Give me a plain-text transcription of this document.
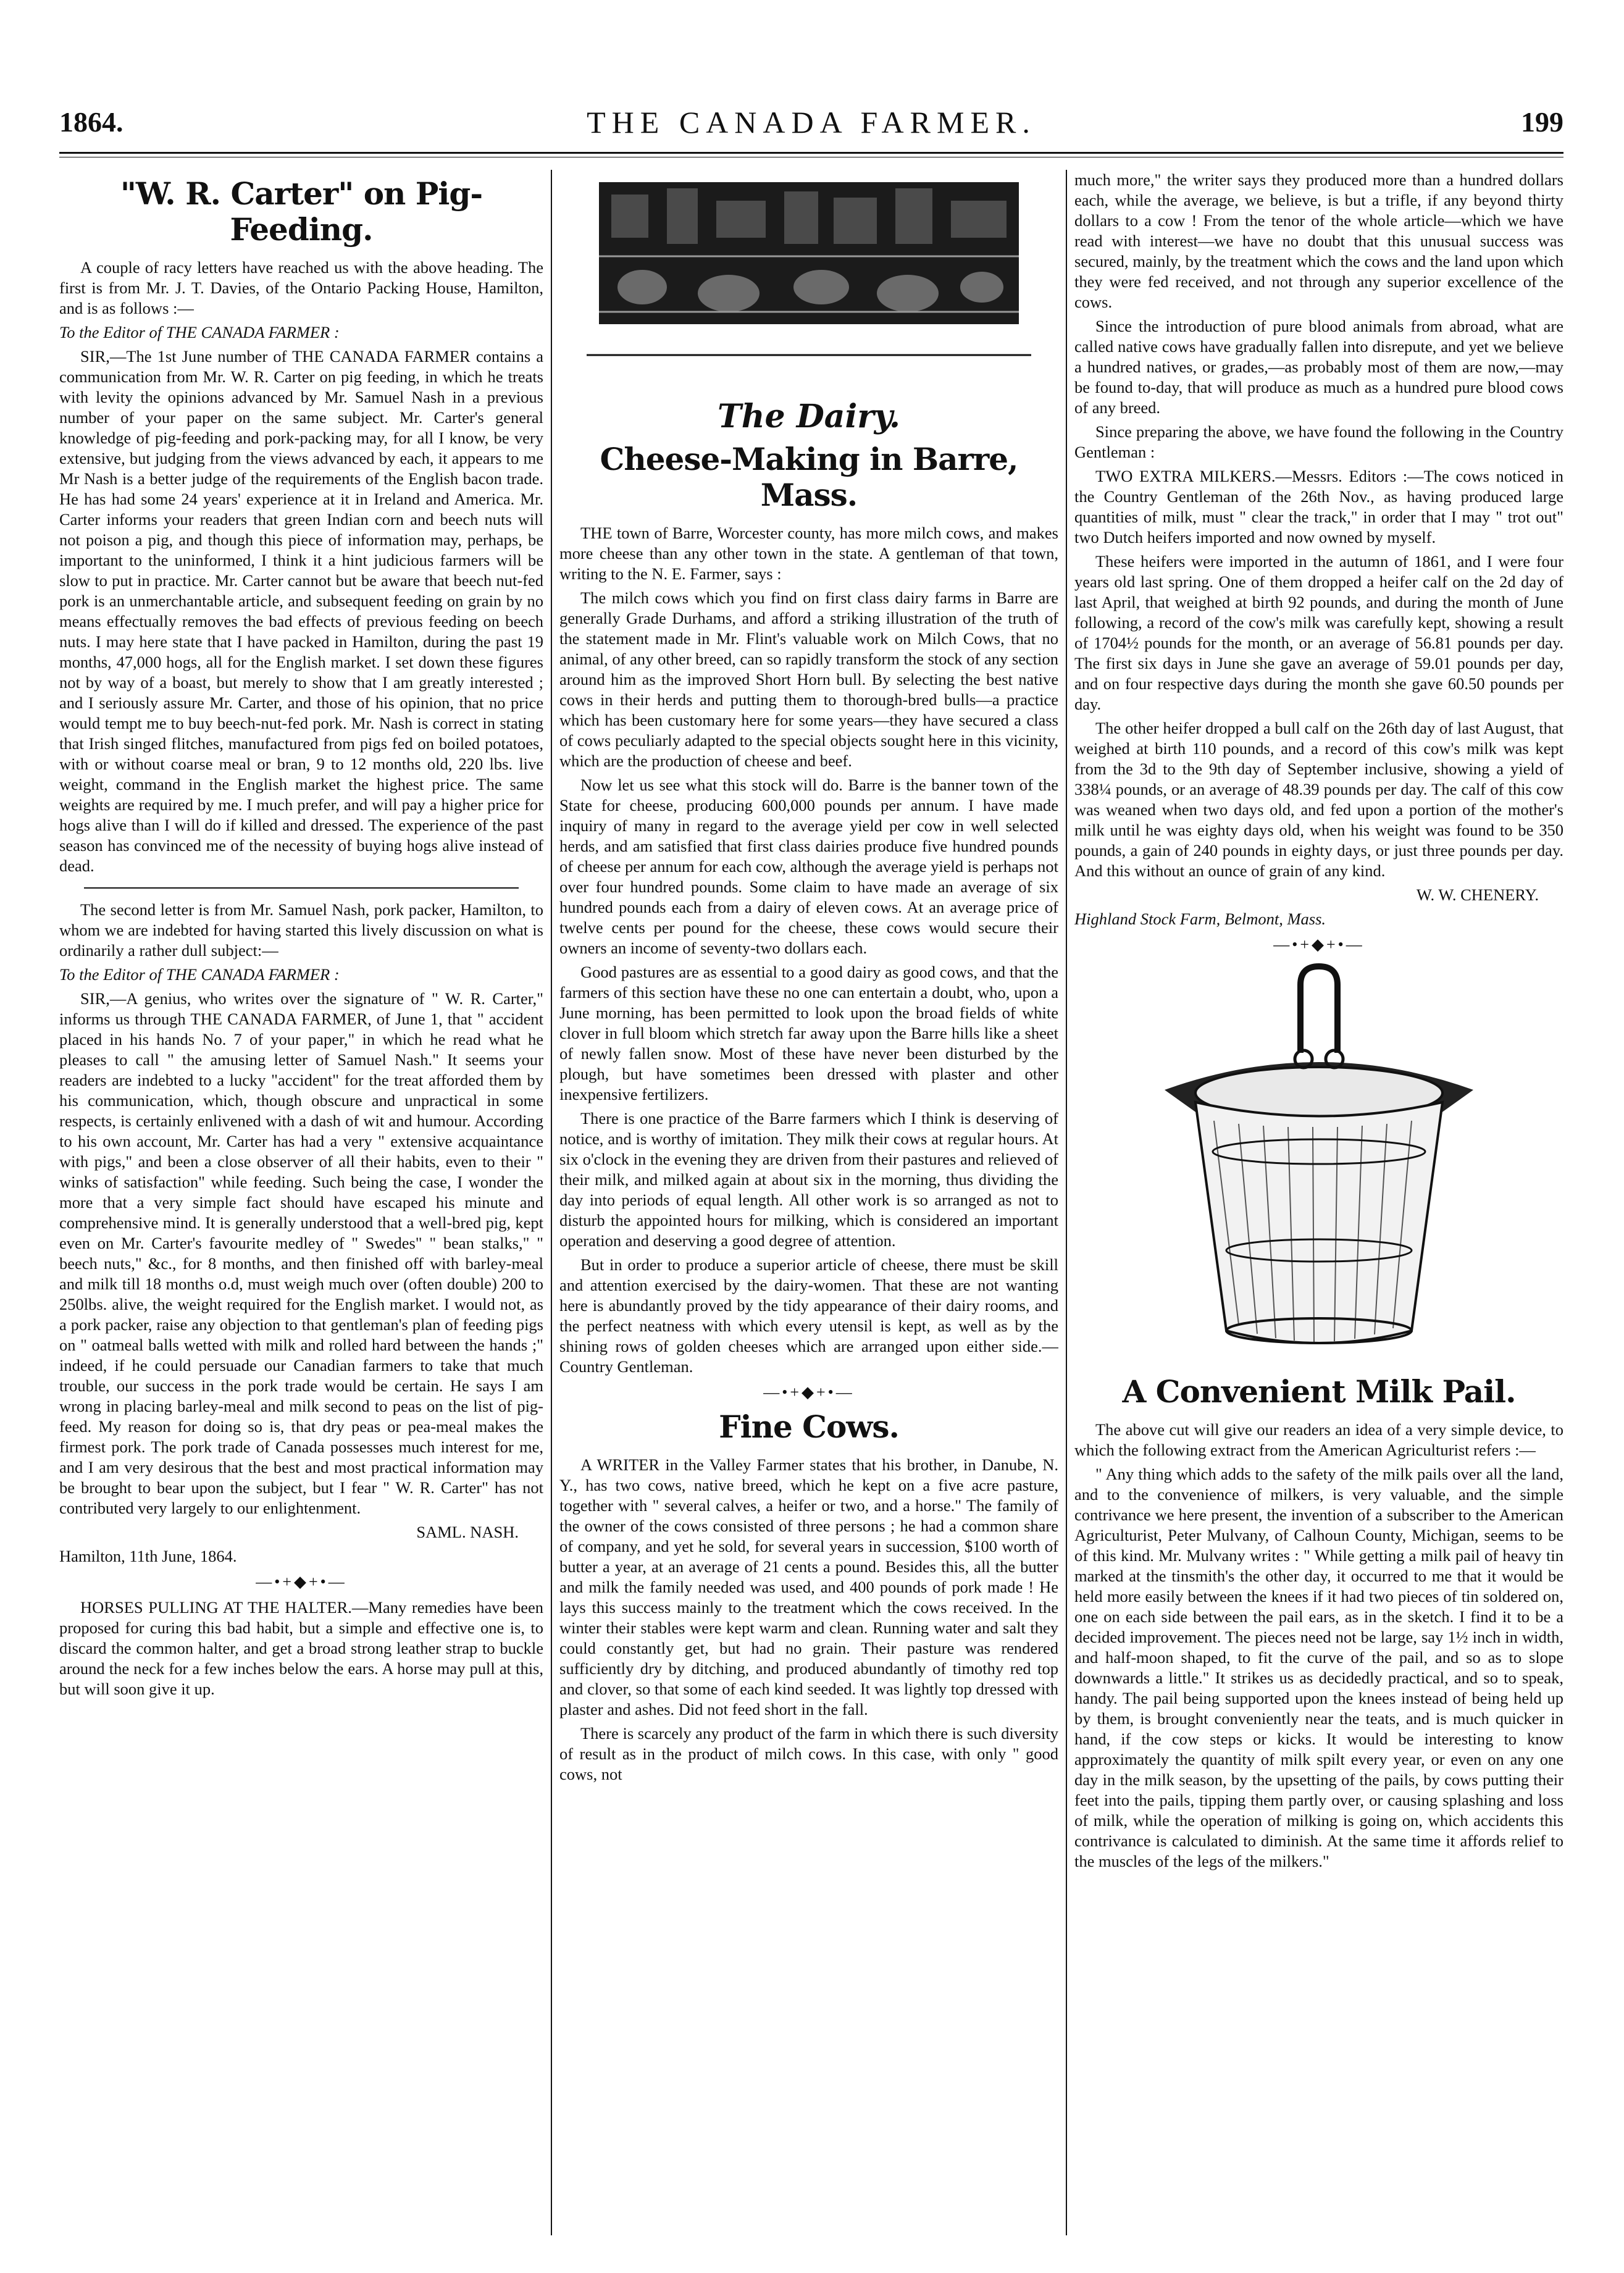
1864.	THE CANADA FARMER.	199
"W. R. Carter" on Pig-Feeding.

A couple of racy letters have reached us with the above heading. The first is from Mr. J. T. Davies, of the Ontario Packing House, Hamilton, and is as follows :—

To the Editor of THE CANADA FARMER :

SIR,—The 1st June number of THE CANADA FARMER contains a communication from Mr. W. R. Carter on pig feeding, in which he treats with levity the opinions advanced by Mr. Samuel Nash in a previous number of your paper on the same subject. Mr. Carter's general knowledge of pig-feeding and pork-packing may, for all I know, be very extensive, but judging from the views advanced by each, it appears to me Mr Nash is a better judge of the requirements of the English bacon trade. He has had some 24 years' experience at it in Ireland and America. Mr. Carter informs your readers that green Indian corn and beech nuts will not poison a pig, and though this piece of information may, perhaps, be important to the uninformed, I think it a hint judicious farmers will be slow to put in practice. Mr. Carter cannot but be aware that beech nut-fed pork is an unmerchantable article, and subsequent feeding on grain by no means effectually removes the bad effects of previous feeding on beech nuts. I may here state that I have packed in Hamilton, during the past 19 months, 47,000 hogs, all for the English market. I set down these figures not by way of a boast, but merely to show that I am greatly interested ; and I seriously assure Mr. Carter, and those of his opinion, that no price would tempt me to buy beech-nut-fed pork. Mr. Nash is correct in stating that Irish singed flitches, manufactured from pigs fed on boiled potatoes, with or without coarse meal or bran, 9 to 12 months old, 220 lbs. live weight, command in the English market the highest price. The same weights are required by me. I much prefer, and will pay a higher price for hogs alive than I will do if killed and dressed. The experience of the past season has convinced me of the necessity of buying hogs alive instead of dead.

The second letter is from Mr. Samuel Nash, pork packer, Hamilton, to whom we are indebted for having started this lively discussion on what is ordinarily a rather dull subject:—

To the Editor of THE CANADA FARMER :

SIR,—A genius, who writes over the signature of " W. R. Carter," informs us through THE CANADA FARMER, of June 1, that " accident placed in his hands No. 7 of your paper," in which he read what he pleases to call " the amusing letter of Samuel Nash." It seems your readers are indebted to a lucky "accident" for the treat afforded them by his communication, which, though obscure and unpractical in some respects, is certainly enlivened with a dash of wit and humour. According to his own account, Mr. Carter has had a very " extensive acquaintance with pigs," and been a close observer of all their habits, even to their " winks of satisfaction" while feeding. Such being the case, I wonder the more that a very simple fact should have escaped his minute and comprehensive mind. It is generally understood that a well-bred pig, kept even on Mr. Carter's favourite medley of " Swedes" " bean stalks," " beech nuts," &c., for 8 months, and then finished off with barley-meal and milk till 18 months o.d, must weigh much over (often double) 200 to 250lbs. alive, the weight required for the English market. I would not, as a pork packer, raise any objection to that gentleman's plan of feeding pigs on " oatmeal balls wetted with milk and rolled hard between the hands ;" indeed, if he could persuade our Canadian farmers to take that much trouble, our success in the pork trade would be certain. He says I am wrong in placing barley-meal and milk second to peas on the list of pig-feed. My reason for doing so is, that dry peas or pea-meal makes the firmest pork. The pork trade of Canada possesses much interest for me, and I am very desirous that the best and most practical information may be brought to bear upon the subject, but I fear " W. R. Carter" has not contributed very largely to our enlightenment.

SAML. NASH.

Hamilton, 11th June, 1864.

—•+◆+•—

HORSES PULLING AT THE HALTER.—Many remedies have been proposed for curing this bad habit, but a simple and effective one is, to discard the common halter, and get a broad strong leather strap to buckle around the neck for a few inches below the ears. A horse may pull at this, but will soon give it up.

The Dairy.
Cheese-Making in Barre, Mass.

THE town of Barre, Worcester county, has more milch cows, and makes more cheese than any other town in the state. A gentleman of that town, writing to the N. E. Farmer, says :

The milch cows which you find on first class dairy farms in Barre are generally Grade Durhams, and afford a striking illustration of the truth of the statement made in Mr. Flint's valuable work on Milch Cows, that no animal, of any other breed, can so rapidly transform the stock of any section around him as the improved Short Horn bull. By selecting the best native cows in their herds and putting them to thorough-bred bulls—a practice which has been customary here for some years—they have secured a class of cows peculiarly adapted to the special objects sought here in this vicinity, which are the production of cheese and beef.

Now let us see what this stock will do. Barre is the banner town of the State for cheese, producing 600,000 pounds per annum. I have made inquiry of many in regard to the average yield per cow in well selected herds, and am satisfied that first class dairies produce five hundred pounds of cheese per annum for each cow, although the average yield is perhaps not over four hundred pounds. Some claim to have made an average of six hundred pounds each from a dairy of eleven cows. At an average price of twelve cents per pound for the cheese, these cows would secure their owners an income of seventy-two dollars each.

Good pastures are as essential to a good dairy as good cows, and that the farmers of this section have these no one can entertain a doubt, who, upon a June morning, has been permitted to look upon the broad fields of white clover in full bloom which stretch far away upon the Barre hills like a sheet of newly fallen snow. Most of these have never been disturbed by the plough, but have sometimes been dressed with plaster and other inexpensive fertilizers.

There is one practice of the Barre farmers which I think is deserving of notice, and is worthy of imitation. They milk their cows at regular hours. At six o'clock in the evening they are driven from their pastures and relieved of their milk, and milked again at about six in the morning, thus dividing the day into periods of equal length. All other work is so arranged as not to disturb the appointed hours for milking, which is considered an important operation and deserving a good degree of attention.

But in order to produce a superior article of cheese, there must be skill and attention exercised by the dairy-women. That these are not wanting here is abundantly proved by the tidy appearance of their dairy rooms, and the perfect neatness with which every utensil is kept, as well as by the shining rows of golden cheeses which are arranged upon either side.—Country Gentleman.

—•+◆+•—
Fine Cows.

A WRITER in the Valley Farmer states that his brother, in Danube, N. Y., has two cows, native breed, which he kept on a five acre pasture, together with " several calves, a heifer or two, and a horse." The family of the owner of the cows consisted of three persons ; he had a common share of company, and yet he sold, for several years in succession, $100 worth of butter a year, at an average of 21 cents a pound. Besides this, all the butter and milk the family needed was used, and 400 pounds of pork made ! He lays this success mainly to the treatment which the cows received. In the winter their stables were kept warm and clean. Running water and salt they could constantly get, but had no grain. Their pasture was rendered sufficiently dry by ditching, and produced abundantly of timothy red top and clover, so that some of each kind seeded. It was lightly top dressed with plaster and ashes. Did not feed short in the fall.

There is scarcely any product of the farm in which there is such diversity of result as in the product of milch cows. In this case, with only " good cows, not

much more," the writer says they produced more than a hundred dollars each, while the average, we believe, is but a trifle, if any beyond thirty dollars to a cow ! From the tenor of the whole article—which we have read with interest—we have no doubt that this unusual success was secured, mainly, by the treatment which the cows and the land upon which they were fed received, and not through any superior excellence of the cows.

Since the introduction of pure blood animals from abroad, what are called native cows have gradually fallen into disrepute, and yet we believe a hundred natives, or grades,—as probably most of them are now,—may be found to-day, that will produce as much as a hundred pure blood cows of any breed.

Since preparing the above, we have found the following in the Country Gentleman :

TWO EXTRA MILKERS.—Messrs. Editors :—The cows noticed in the Country Gentleman of the 26th Nov., as having produced large quantities of milk, must " clear the track," in order that I may " trot out" two Dutch heifers imported and now owned by myself.

These heifers were imported in the autumn of 1861, and I were four years old last spring. One of them dropped a heifer calf on the 2d day of last April, that weighed at birth 92 pounds, and during the month of June following, a record of the cow's milk was carefully kept, showing a result of 1704½ pounds for the month, or an average of 56.81 pounds per day. The first six days in June she gave an average of 59.01 pounds per day, and on four respective days during the month she gave 60.50 pounds per day.

The other heifer dropped a bull calf on the 26th day of last August, that weighed at birth 110 pounds, and a record of this cow's milk was kept from the 3d to the 9th day of September inclusive, showing a yield of 338¼ pounds, or an average of 48.39 pounds per day. The calf of this cow was weaned when two days old, and fed upon a portion of the mother's milk until he was eighty days old, when his weight was found to be 350 pounds, a gain of 240 pounds in eighty days, or just three pounds per day. And this without an ounce of grain of any kind.

W. W. CHENERY.

Highland Stock Farm, Belmont, Mass.

—•+◆+•—
A Convenient Milk Pail.

The above cut will give our readers an idea of a very simple device, to which the following extract from the American Agriculturist refers :—

" Any thing which adds to the safety of the milk pails over all the land, and to the convenience of milkers, is very valuable, and the simple contrivance we here present, the invention of a subscriber to the American Agriculturist, Peter Mulvany, of Calhoun County, Michigan, seems to be of this kind. Mr. Mulvany writes : " While getting a milk pail of heavy tin marked at the tinsmith's the other day, it occurred to me that it would be held more easily between the knees if it had two pieces of tin soldered on, one on each side between the pail ears, as in the sketch. I find it to be a decided improvement. The pieces need not be large, say 1½ inch in width, and half-moon shaped, to fit the curve of the pail, and so as to slope downwards a little." It strikes us as decidedly practical, and so to speak, handy. The pail being supported upon the knees instead of being held up by them, is brought conveniently near the teats, and is much quicker in hand, if the cow steps or kicks. It would be interesting to know approximately the quantity of milk spilt every year, or even on any one day in the milk season, by the upsetting of the pails, by cows putting their feet into the pails, tipping them partly over, or causing splashing and loss of milk, while the operation of milking is going on, which accidents this contrivance is calculated to diminish. At the same time it affords relief to the muscles of the legs of the milkers."
